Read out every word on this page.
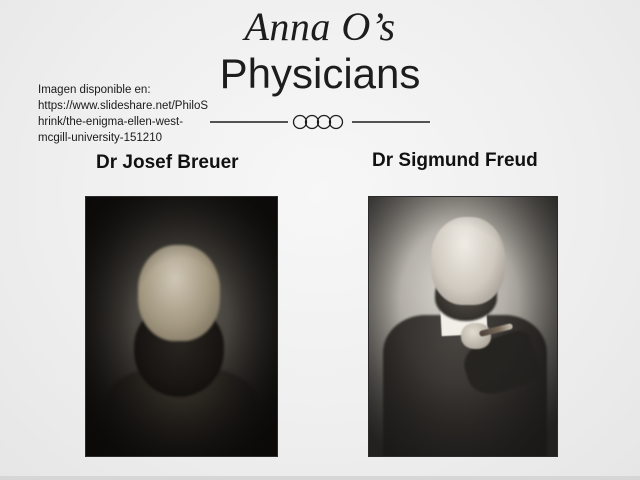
Anna O’s
Physicians
Imagen disponible en:
https://www.slideshare.net/PhiloS
hrink/the-enigma-ellen-west-
mcgill-university-151210
Dr Josef Breuer	Dr Sigmund Freud
